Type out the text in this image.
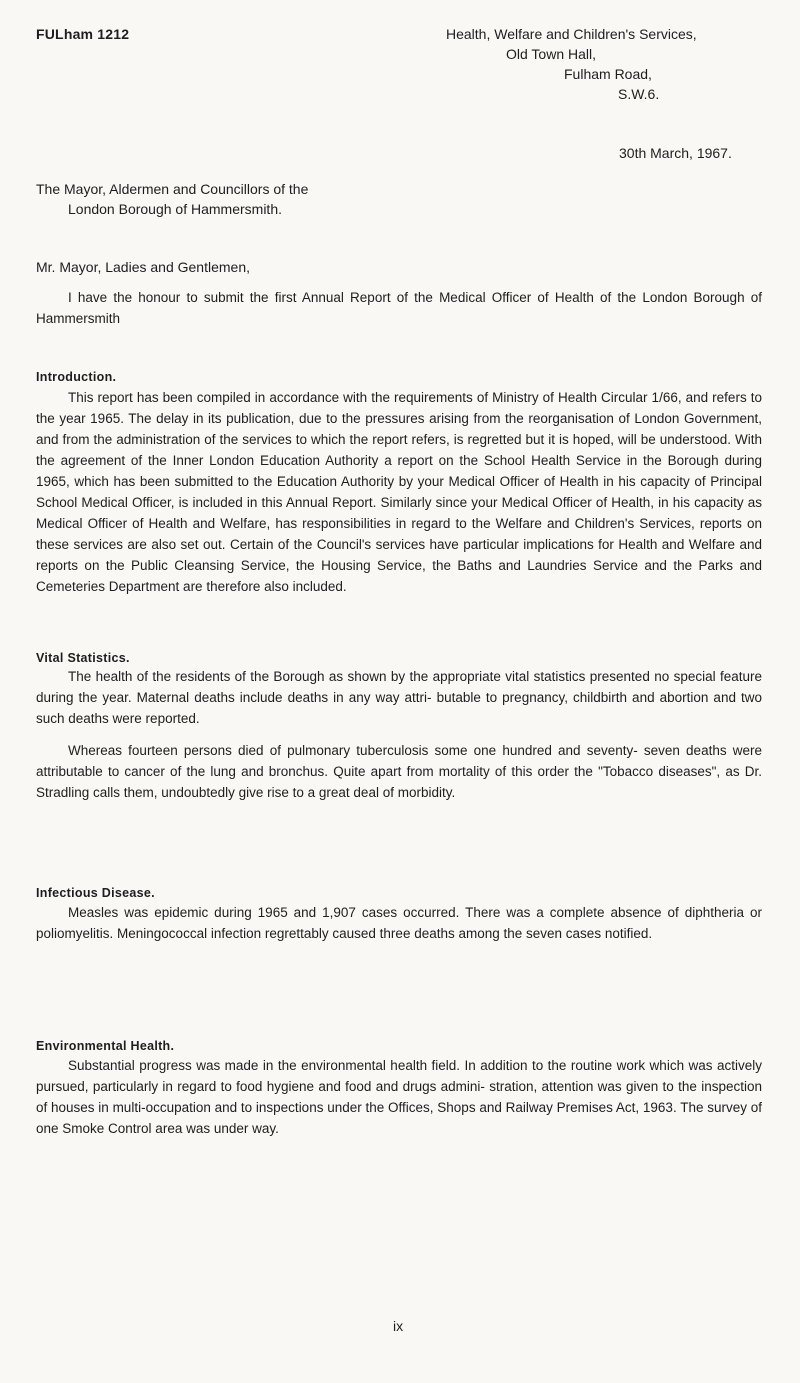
FULham 1212	Health, Welfare and Children's Services,
Old Town Hall,
Fulham Road,
S.W.6.
30th March, 1967.
The Mayor, Aldermen and Councillors of the
London Borough of Hammersmith.
Mr. Mayor, Ladies and Gentlemen,

I have the honour to submit the first Annual Report of the Medical Officer of Health of the London Borough of Hammersmith

Introduction.

This report has been compiled in accordance with the requirements of Ministry of Health Circular 1/66, and refers to the year 1965. The delay in its publication, due to the pressures arising from the reorganisation of London Government, and from the administration of the services to which the report refers, is regretted but it is hoped, will be understood. With the agreement of the Inner London Education Authority a report on the School Health Service in the Borough during 1965, which has been submitted to the Education Authority by your Medical Officer of Health in his capacity of Principal School Medical Officer, is included in this Annual Report. Similarly since your Medical Officer of Health, in his capacity as Medical Officer of Health and Welfare, has responsibilities in regard to the Welfare and Children's Services, reports on these services are also set out. Certain of the Council's services have particular implications for Health and Welfare and reports on the Public Cleansing Service, the Housing Service, the Baths and Laundries Service and the Parks and Cemeteries Department are therefore also included.

Vital Statistics.

The health of the residents of the Borough as shown by the appropriate vital statistics presented no special feature during the year. Maternal deaths include deaths in any way attri- butable to pregnancy, childbirth and abortion and two such deaths were reported.

Whereas fourteen persons died of pulmonary tuberculosis some one hundred and seventy- seven deaths were attributable to cancer of the lung and bronchus. Quite apart from mortality of this order the "Tobacco diseases", as Dr. Stradling calls them, undoubtedly give rise to a great deal of morbidity.

Infectious Disease.

Measles was epidemic during 1965 and 1,907 cases occurred. There was a complete absence of diphtheria or poliomyelitis. Meningococcal infection regrettably caused three deaths among the seven cases notified.

Environmental Health.

Substantial progress was made in the environmental health field. In addition to the routine work which was actively pursued, particularly in regard to food hygiene and food and drugs admini- stration, attention was given to the inspection of houses in multi-occupation and to inspections under the Offices, Shops and Railway Premises Act, 1963. The survey of one Smoke Control area was under way.

ix
